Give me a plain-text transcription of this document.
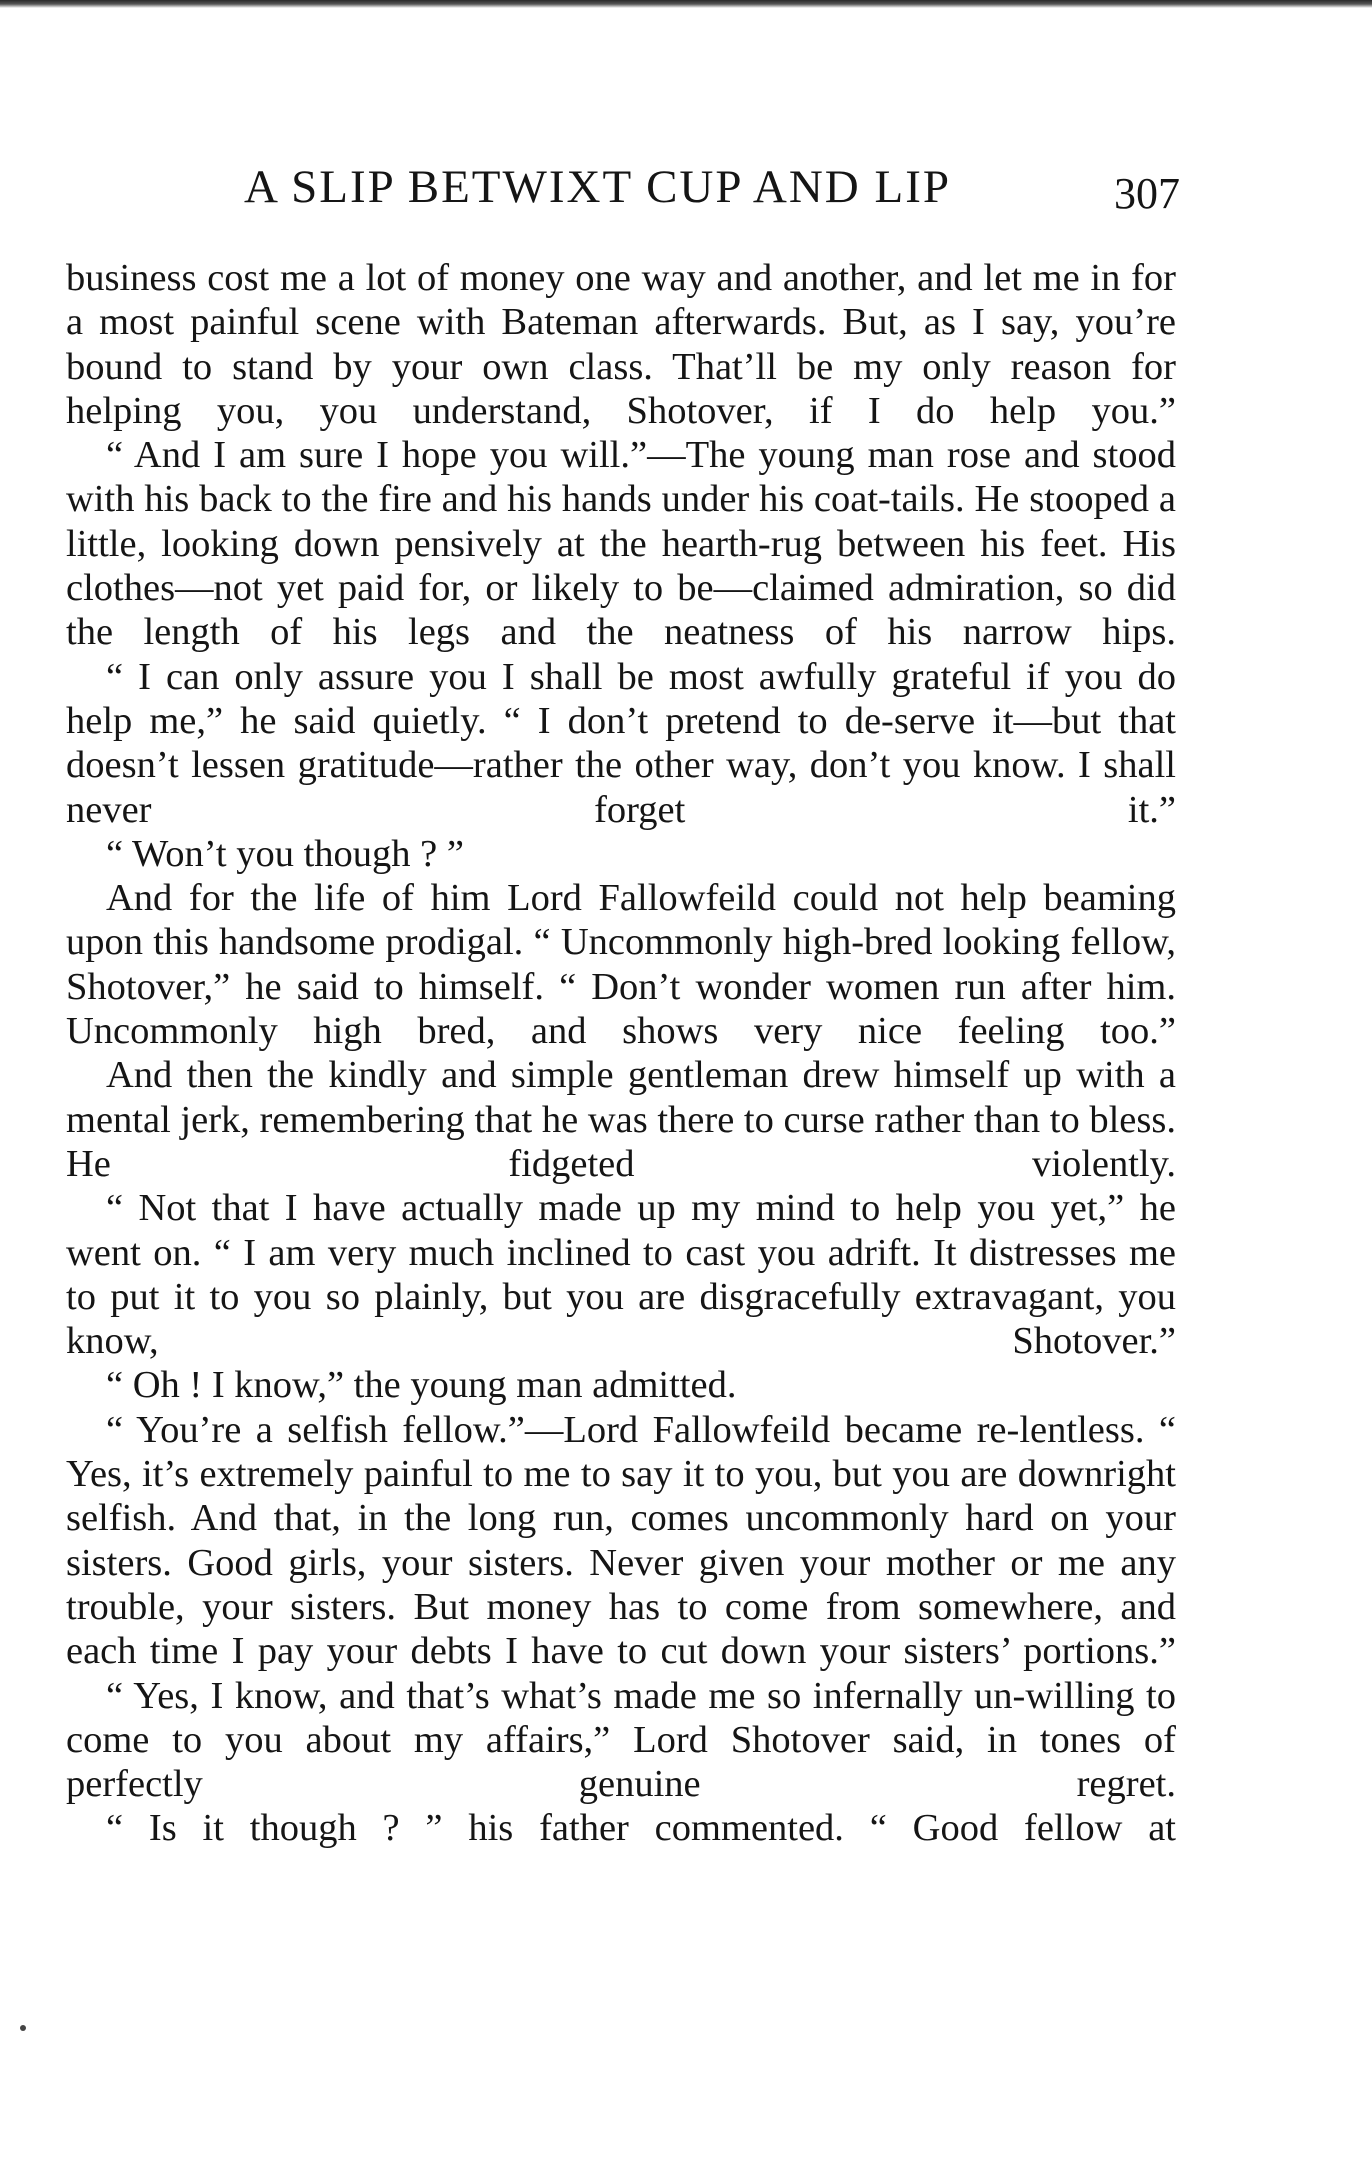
A SLIP BETWIXT CUP AND LIP	307

business cost me a lot of money one way and another, and let me in for a most painful scene with Bateman afterwards. But, as I say, you’re bound to stand by your own class. That’ll be my only reason for helping you, you understand, Shotover, if I do help you.”

“ And I am sure I hope you will.”—The young man rose and stood with his back to the fire and his hands under his coat-tails. He stooped a little, looking down pensively at the hearth-rug between his feet. His clothes—not yet paid for, or likely to be—claimed admiration, so did the length of his legs and the neatness of his narrow hips.

“ I can only assure you I shall be most awfully grateful if you do help me,” he said quietly. “ I don’t pretend to de-serve it—but that doesn’t lessen gratitude—rather the other way, don’t you know. I shall never forget it.”

“ Won’t you though ? ”

And for the life of him Lord Fallowfeild could not help beaming upon this handsome prodigal. “ Uncommonly high-bred looking fellow, Shotover,” he said to himself. “ Don’t wonder women run after him. Uncommonly high bred, and shows very nice feeling too.”

And then the kindly and simple gentleman drew himself up with a mental jerk, remembering that he was there to curse rather than to bless. He fidgeted violently.

“ Not that I have actually made up my mind to help you yet,” he went on. “ I am very much inclined to cast you adrift. It distresses me to put it to you so plainly, but you are disgracefully extravagant, you know, Shotover.”

“ Oh ! I know,” the young man admitted.

“ You’re a selfish fellow.”—Lord Fallowfeild became re-lentless. “ Yes, it’s extremely painful to me to say it to you, but you are downright selfish. And that, in the long run, comes uncommonly hard on your sisters. Good girls, your sisters. Never given your mother or me any trouble, your sisters. But money has to come from somewhere, and each time I pay your debts I have to cut down your sisters’ portions.”

“ Yes, I know, and that’s what’s made me so infernally un-willing to come to you about my affairs,” Lord Shotover said, in tones of perfectly genuine regret.

“ Is it though ? ” his father commented. “ Good fellow at
